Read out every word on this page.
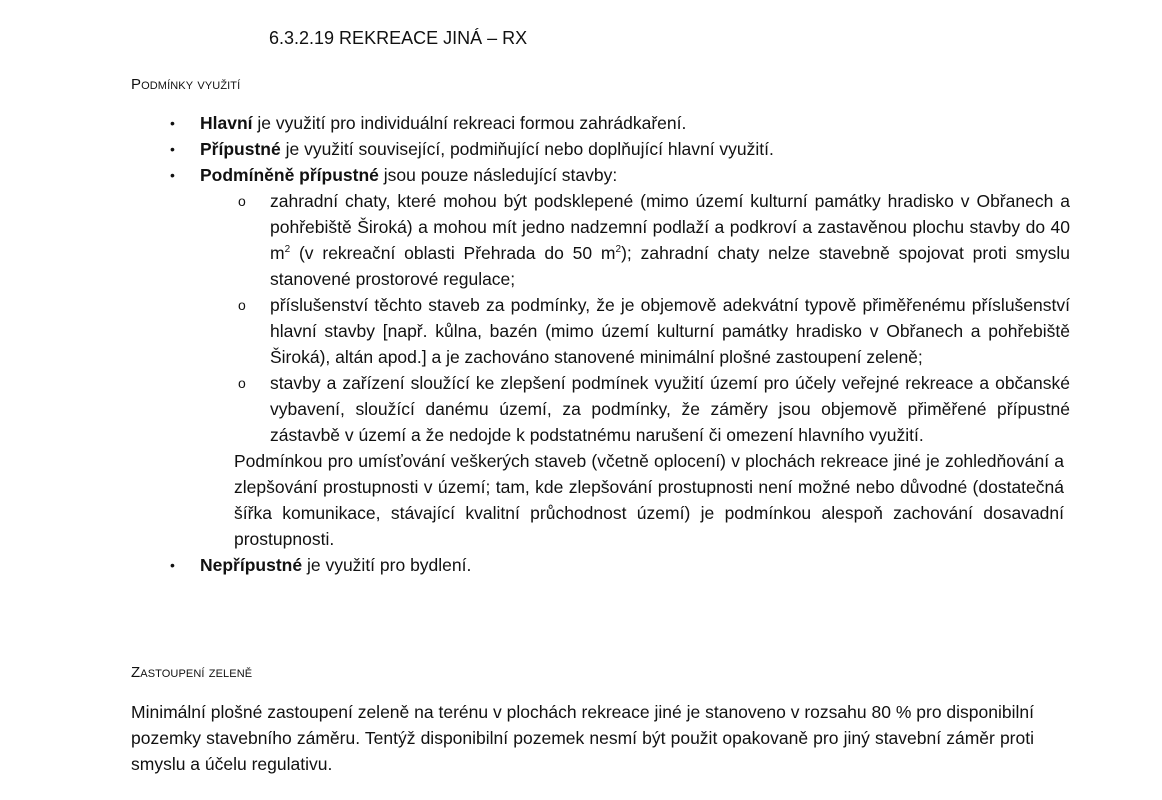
6.3.2.19 REKREACE JINÁ – RX
Podmínky využití
•	Hlavní je využití pro individuální rekreaci formou zahrádkaření.
•	Přípustné je využití související, podmiňující nebo doplňující hlavní využití.
•	Podmíněně přípustné jsou pouze následující stavby:
o zahradní chaty, které mohou být podsklepené (mimo území kulturní památky hradisko v Obřanech a pohřebiště Široká) a mohou mít jedno nadzemní podlaží a podkroví a zastavěnou plochu stavby do 40 $m^2$ (v rekreační oblasti Přehrada do 50 $m^2$); zahradní chaty nelze stavebně spojovat proti smyslu stanovené prostorové regulace;
o příslušenství těchto staveb za podmínky, že je objemově adekvátní typově přiměřenému příslušenství hlavní stavby [např. kůlna, bazén (mimo území kulturní památky hradisko v Obřanech a pohřebiště Široká), altán apod.] a je zachováno stanovené minimální plošné zastoupení zeleně;
o stavby a zařízení sloužící ke zlepšení podmínek využití území pro účely veřejné rekreace a občanské vybavení, sloužící danému území, za podmínky, že záměry jsou objemově přiměřené přípustné zástavbě v území a že nedojde k podstatnému narušení či omezení hlavního využití.

Podmínkou pro umísťování veškerých staveb (včetně oplocení) v plochách rekreace jiné je zohledňování a zlepšování prostupnosti v území; tam, kde zlepšování prostupnosti není možné nebo důvodné (dostatečná šířka komunikace, stávající kvalitní průchodnost území) je podmínkou alespoň zachování dosavadní prostupnosti.

•	Nepřípustné je využití pro bydlení.
Zastoupení zeleně

Minimální plošné zastoupení zeleně na terénu v plochách rekreace jiné je stanoveno v rozsahu 80 % pro disponibilní pozemky stavebního záměru. Tentýž disponibilní pozemek nesmí být použit opakovaně pro jiný stavební záměr proti smyslu a účelu regulativu.
